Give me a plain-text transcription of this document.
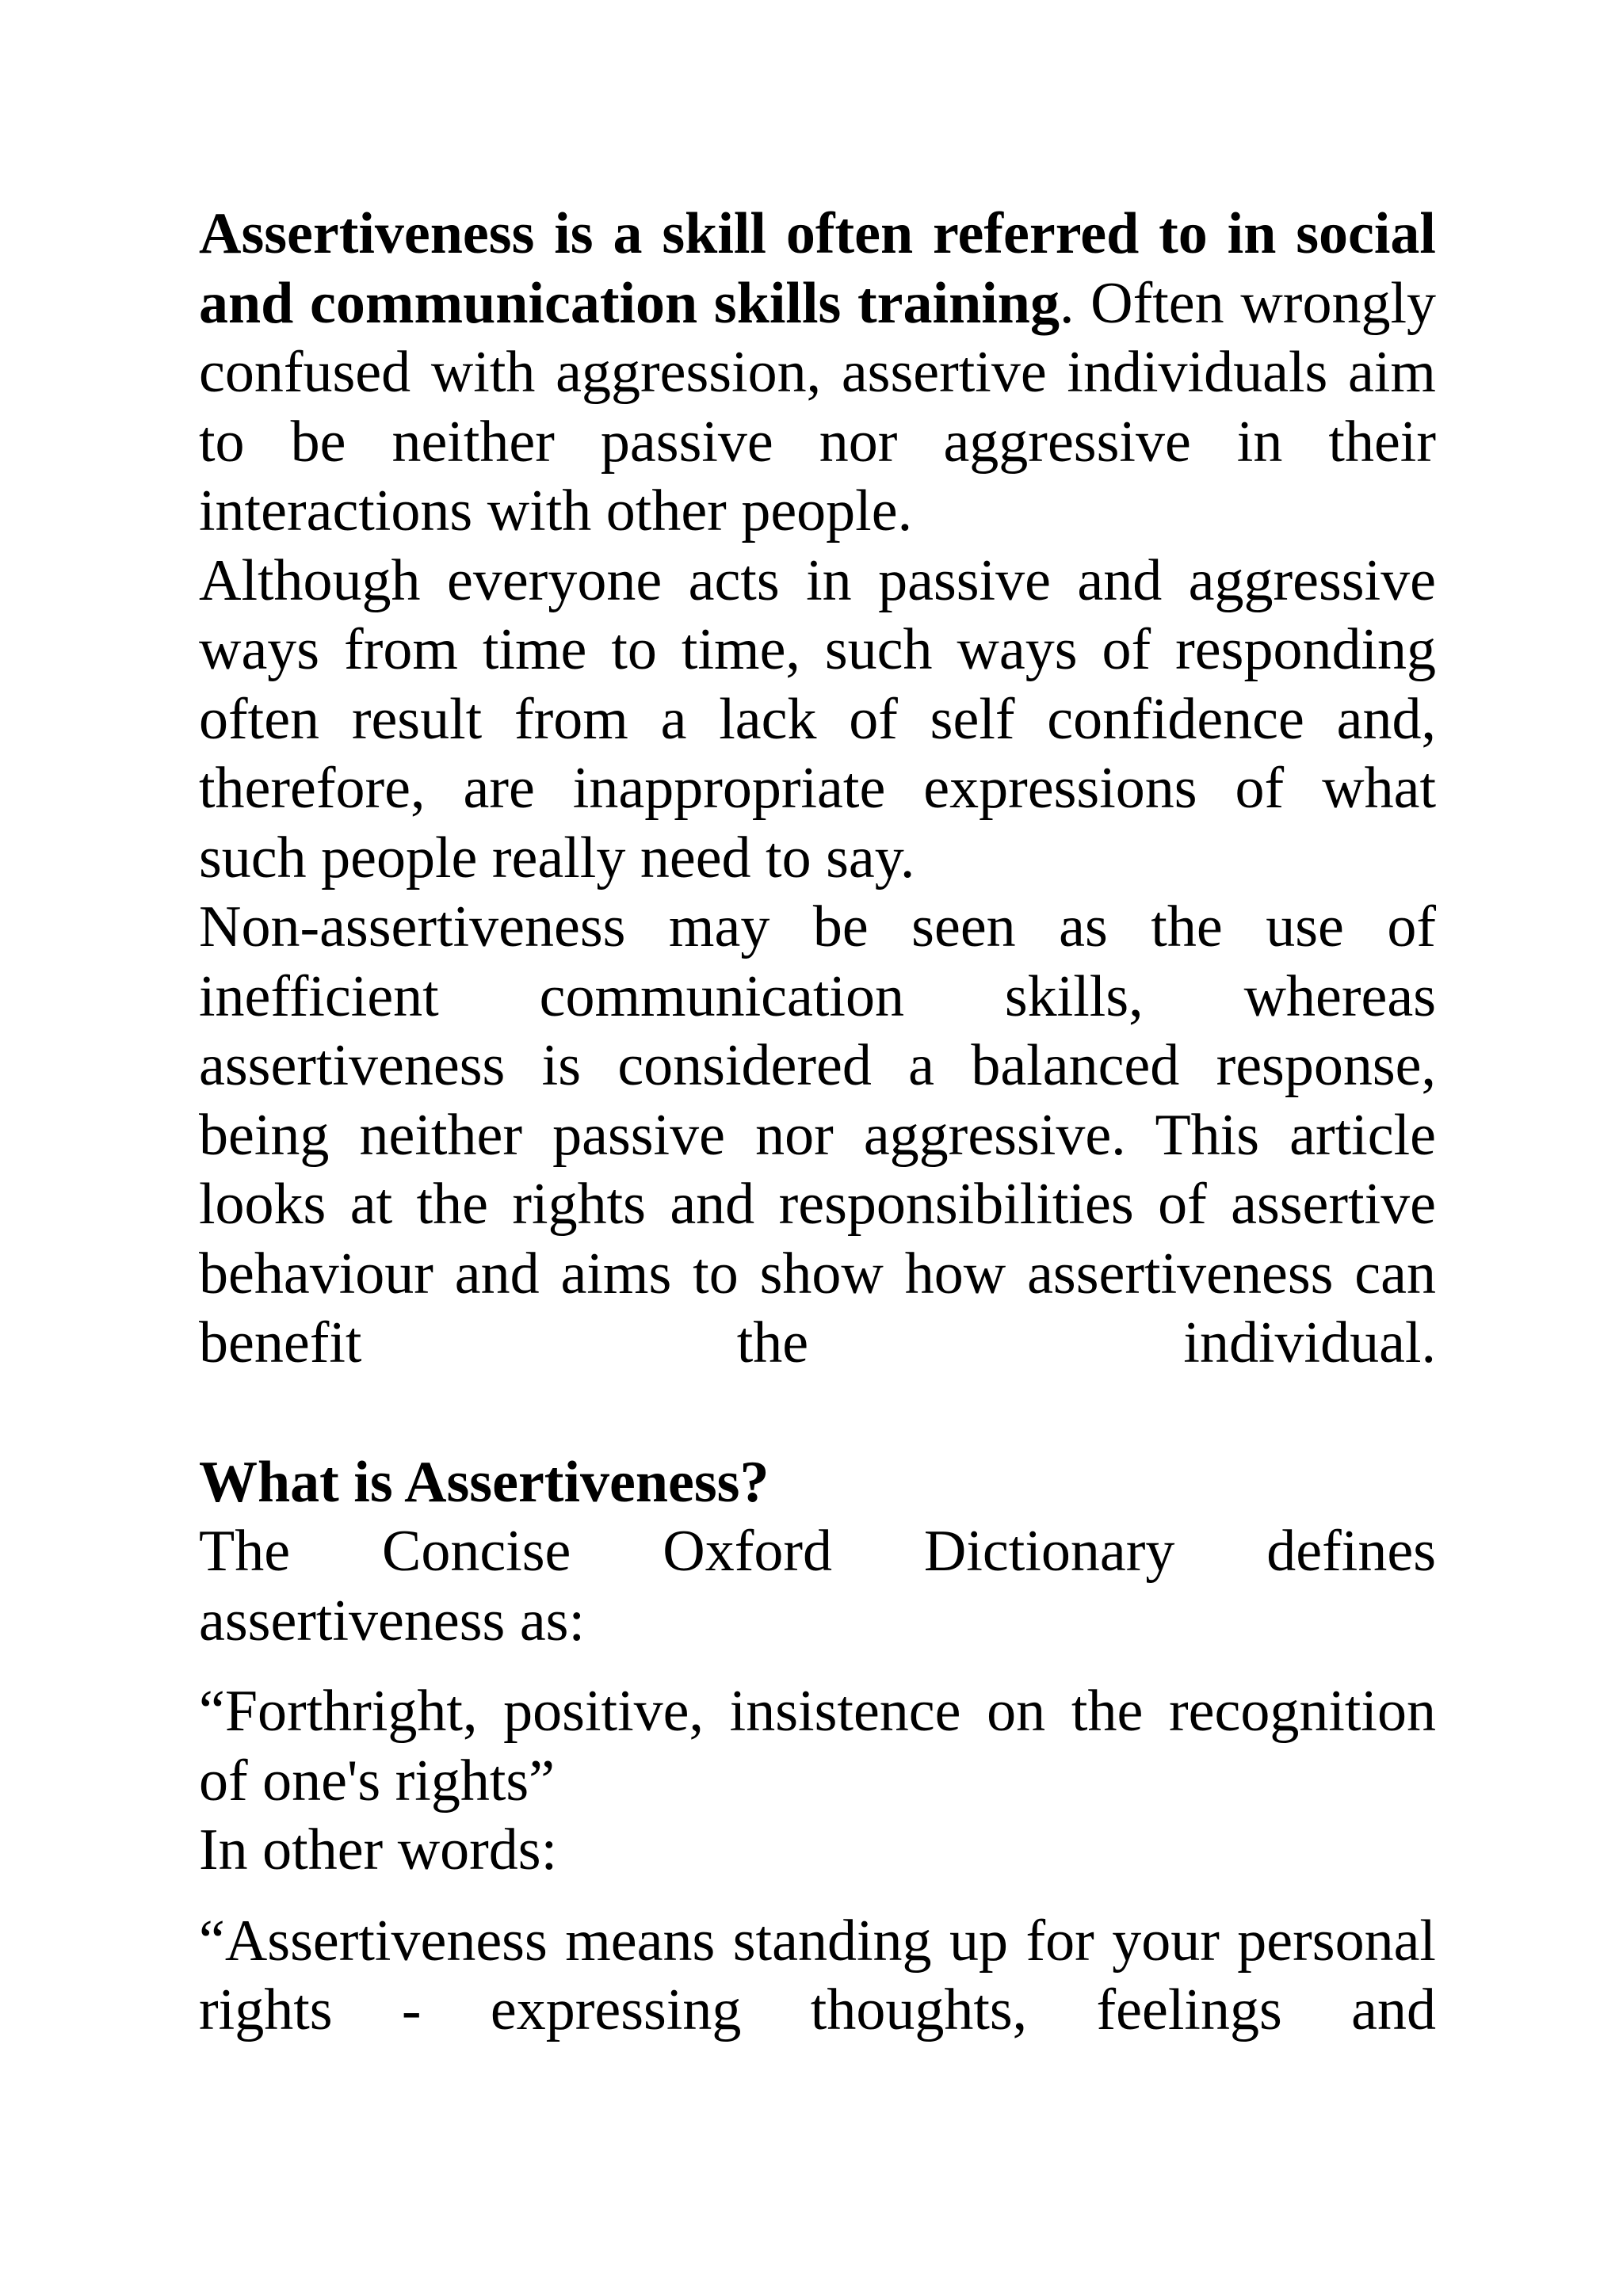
Assertiveness is a skill often referred to in social and communication skills training. Often wrongly confused with aggression, assertive individuals aim to be neither passive nor aggressive in their interactions with other people.

Although everyone acts in passive and aggressive ways from time to time, such ways of responding often result from a lack of self confidence and, therefore, are inappropriate expressions of what such people really need to say.

Non-assertiveness may be seen as the use of inefficient communication skills, whereas assertiveness is considered a balanced response, being neither passive nor aggressive. This article looks at the rights and responsibilities of assertive behaviour and aims to show how assertiveness can benefit the individual.

What is Assertiveness?

The Concise Oxford Dictionary defines assertiveness as:

“Forthright, positive, insistence on the recognition of one's rights”

In other words:

“Assertiveness means standing up for your personal rights - expressing thoughts, feelings and
